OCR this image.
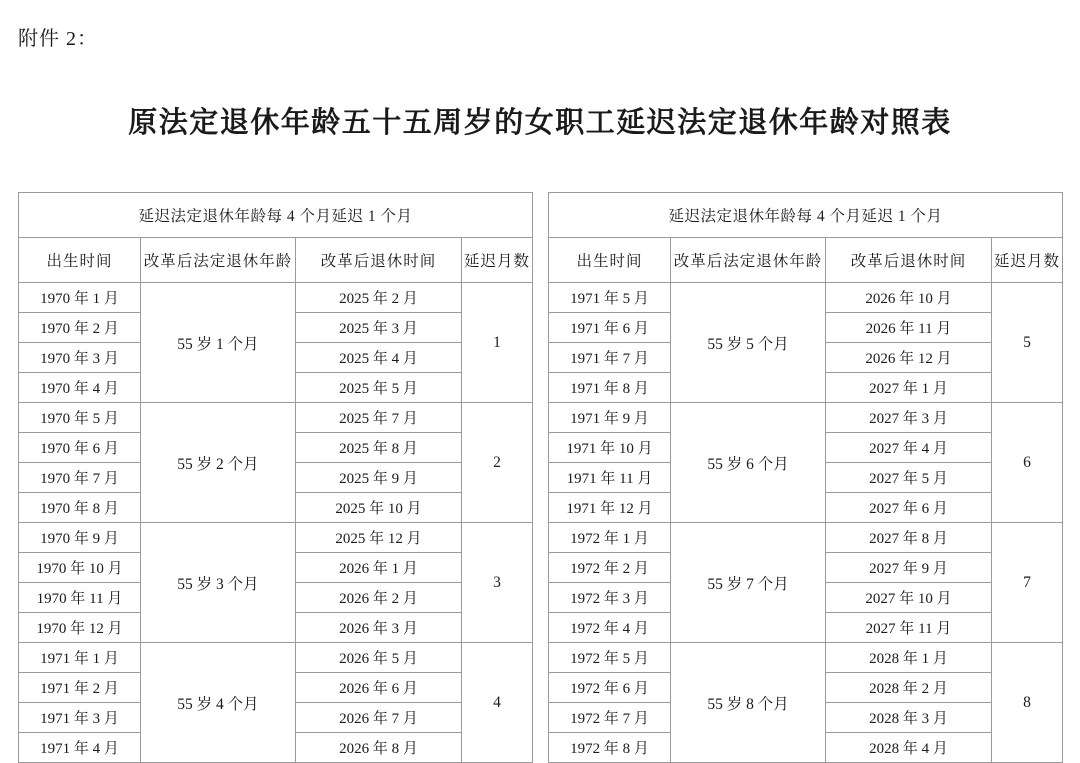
附件 2：
原法定退休年龄五十五周岁的女职工延迟法定退休年龄对照表
延迟法定退休年龄每 4 个月延迟 1 个月					延迟法定退休年龄每 4 个月延迟 1 个月			
出生时间	改革后法定退休年龄	改革后退休时间	延迟月数		出生时间	改革后法定退休年龄	改革后退休时间	延迟月数
1970 年 1 月	55 岁 1 个月	2025 年 2 月	1		1971 年 5 月	55 岁 5 个月	2026 年 10 月	5
1970 年 2 月		2025 年 3 月			1971 年 6 月		2026 年 11 月	
1970 年 3 月		2025 年 4 月			1971 年 7 月		2026 年 12 月	
1970 年 4 月		2025 年 5 月			1971 年 8 月		2027 年 1 月	
1970 年 5 月	55 岁 2 个月	2025 年 7 月	2		1971 年 9 月	55 岁 6 个月	2027 年 3 月	6
1970 年 6 月		2025 年 8 月			1971 年 10 月		2027 年 4 月	
1970 年 7 月		2025 年 9 月			1971 年 11 月		2027 年 5 月	
1970 年 8 月		2025 年 10 月			1971 年 12 月		2027 年 6 月	
1970 年 9 月	55 岁 3 个月	2025 年 12 月	3		1972 年 1 月	55 岁 7 个月	2027 年 8 月	7
1970 年 10 月		2026 年 1 月			1972 年 2 月		2027 年 9 月	
1970 年 11 月		2026 年 2 月			1972 年 3 月		2027 年 10 月	
1970 年 12 月		2026 年 3 月			1972 年 4 月		2027 年 11 月	
1971 年 1 月	55 岁 4 个月	2026 年 5 月	4		1972 年 5 月	55 岁 8 个月	2028 年 1 月	8
1971 年 2 月		2026 年 6 月			1972 年 6 月		2028 年 2 月	
1971 年 3 月		2026 年 7 月			1972 年 7 月		2028 年 3 月	
1971 年 4 月		2026 年 8 月			1972 年 8 月		2028 年 4 月	
